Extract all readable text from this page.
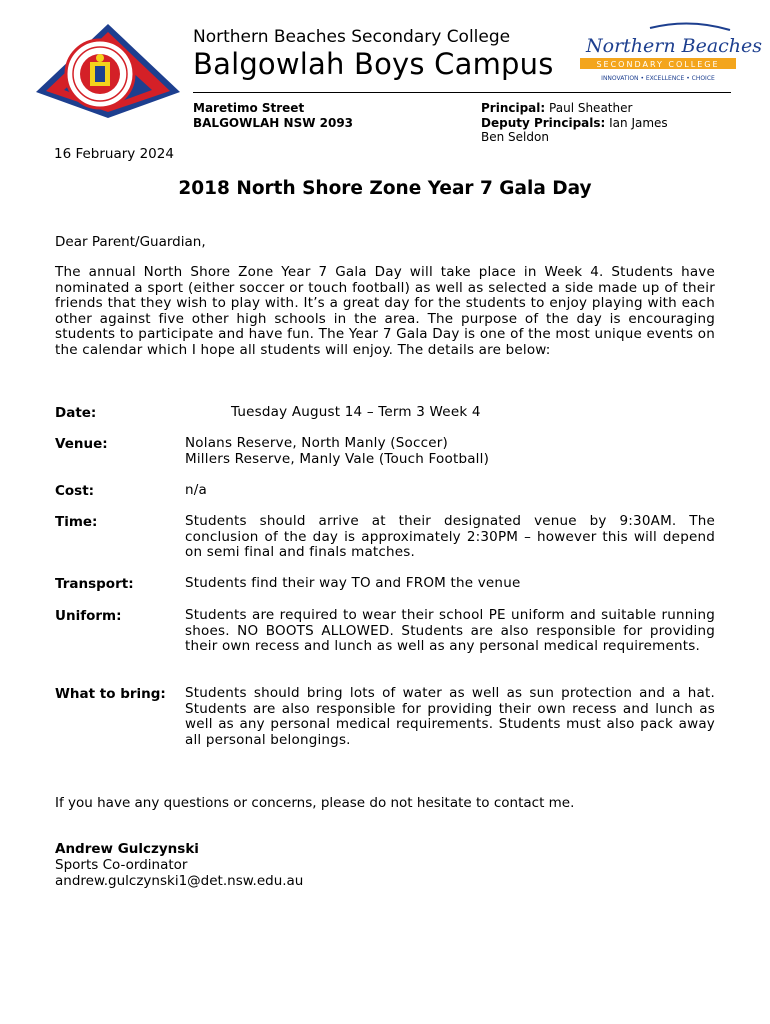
Northern Beaches Secondary College
Balgowlah Boys Campus
Northern Beaches
SECONDARY COLLEGE
INNOVATION • EXCELLENCE • CHOICE
Maretimo Street
BALGOWLAH NSW 2093
Principal: Paul Sheather
Deputy Principals: Ian James
Ben Seldon
16 February 2024
2018 North Shore Zone Year 7 Gala Day
Dear Parent/Guardian,
The annual North Shore Zone Year 7 Gala Day will take place in Week 4. Students have nominated a sport (either soccer or touch football) as well as selected a side made up of their friends that they wish to play with. It’s a great day for the students to enjoy playing with each other against five other high schools in the area. The purpose of the day is encouraging students to participate and have fun. The Year 7 Gala Day is one of the most unique events on the calendar which I hope all students will enjoy. The details are below:
Date:	Tuesday August 14 – Term 3 Week 4
Venue:	Nolans Reserve, North Manly (Soccer)
Millers Reserve, Manly Vale (Touch Football)
Cost:	n/a
Time:	Students should arrive at their designated venue by 9:30AM. The conclusion of the day is approximately 2:30PM – however this will depend on semi final and finals matches.
Transport:	Students find their way TO and FROM the venue
Uniform:	Students are required to wear their school PE uniform and suitable running shoes. NO BOOTS ALLOWED. Students are also responsible for providing their own recess and lunch as well as any personal medical requirements.
What to bring: Students should bring lots of water as well as sun protection and a hat. Students are also responsible for providing their own recess and lunch as well as any personal medical requirements. Students must also pack away all personal belongings.
If you have any questions or concerns, please do not hesitate to contact me.
Andrew Gulczynski
Sports Co-ordinator
andrew.gulczynski1@det.nsw.edu.au
